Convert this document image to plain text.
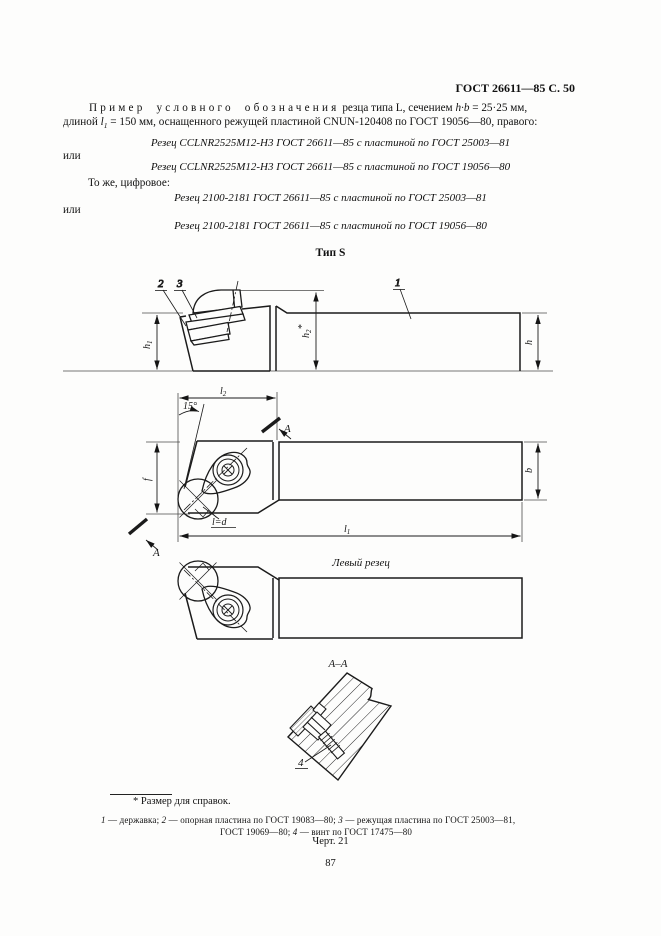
2 3	1
$h_1$
$h_2*$
h
$l_2$
15°
A
A
f
b
$l_1$
l=d
Левый резец
А–А
4
ГОСТ 26611—85 С. 50
Пример условного обозначения резца типа L, сечением h·b = 25·25 мм,
длиной $l_1 = 150$ мм, оснащенного режущей пластиной CNUN-120408 по ГОСТ 19056—80, правого:
Резец CCLNR2525M12-H3 ГОСТ 26611—85 с пластиной по ГОСТ 25003—81
или
Резец CCLNR2525M12-H3 ГОСТ 26611—85 с пластиной по ГОСТ 19056—80
То же, цифровое:
Резец 2100-2181 ГОСТ 26611—85 с пластиной по ГОСТ 25003—81
или
Резец 2100-2181 ГОСТ 26611—85 с пластиной по ГОСТ 19056—80
Тип S
* Размер для справок.
1 — державка; 2 — опорная пластина по ГОСТ 19083—80; 3 — режущая пластина по ГОСТ 25003—81,
ГОСТ 19069—80; 4 — винт по ГОСТ 17475—80
Черт. 21
87
